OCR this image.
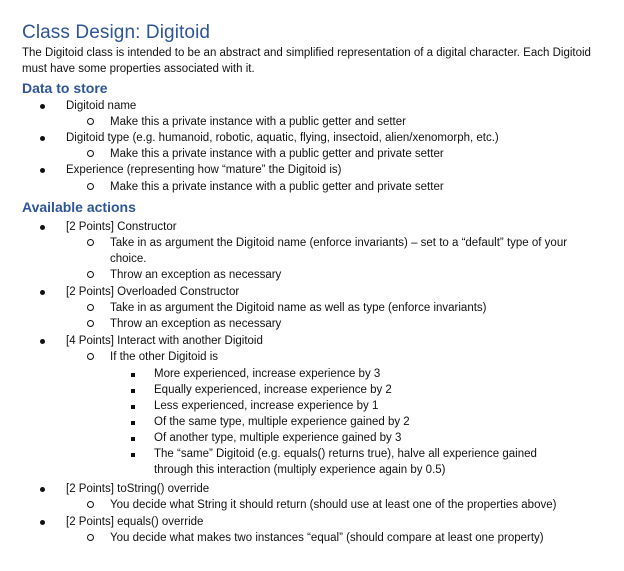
Class Design: Digitoid

The Digitoid class is intended to be an abstract and simplified representation of a digital character. Each Digitoid must have some properties associated with it.

Data to store
Digitoid name
Make this a private instance with a public getter and setter
Digitoid type (e.g. humanoid, robotic, aquatic, flying, insectoid, alien/xenomorph, etc.)
Make this a private instance with a public getter and private setter
Experience (representing how “mature” the Digitoid is)
Make this a private instance with a public getter and private setter
Available actions
[2 Points] Constructor
Take in as argument the Digitoid name (enforce invariants) – set to a “default” type of your choice.
Throw an exception as necessary
[2 Points] Overloaded Constructor
Take in as argument the Digitoid name as well as type (enforce invariants)
Throw an exception as necessary
[4 Points] Interact with another Digitoid
If the other Digitoid is
More experienced, increase experience by 3
Equally experienced, increase experience by 2
Less experienced, increase experience by 1
Of the same type, multiple experience gained by 2
Of another type, multiple experience gained by 3
The “same” Digitoid (e.g. equals() returns true), halve all experience gained through this interaction (multiply experience again by 0.5)
[2 Points] toString() override
You decide what String it should return (should use at least one of the properties above)
[2 Points] equals() override
You decide what makes two instances “equal” (should compare at least one property)
